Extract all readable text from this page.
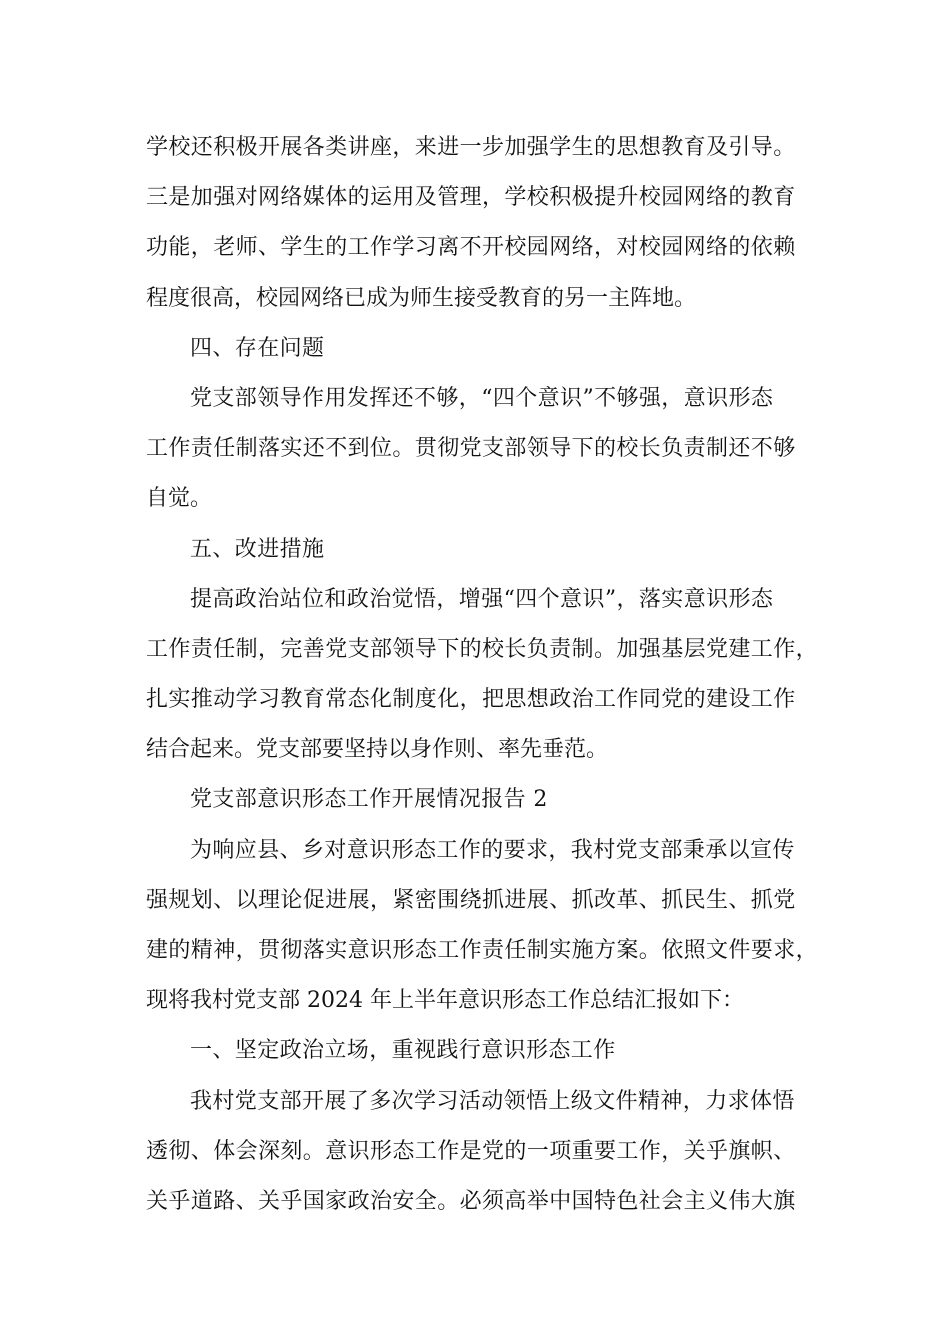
学校还积极开展各类讲座，来进一步加强学生的思想教育及引导。
三是加强对网络媒体的运用及管理，学校积极提升校园网络的教育
功能，老师、学生的工作学习离不开校园网络，对校园网络的依赖
程度很高，校园网络已成为师生接受教育的另一主阵地。
四、存在问题
党支部领导作用发挥还不够，“四个意识”不够强，意识形态
工作责任制落实还不到位。贯彻党支部领导下的校长负责制还不够
自觉。
五、改进措施
提高政治站位和政治觉悟，增强“四个意识”，落实意识形态
工作责任制，完善党支部领导下的校长负责制。加强基层党建工作，
扎实推动学习教育常态化制度化，把思想政治工作同党的建设工作
结合起来。党支部要坚持以身作则、率先垂范。
党支部意识形态工作开展情况报告 2
为响应县、乡对意识形态工作的要求，我村党支部秉承以宣传
强规划、以理论促进展，紧密围绕抓进展、抓改革、抓民生、抓党
建的精神，贯彻落实意识形态工作责任制实施方案。依照文件要求，
现将我村党支部 2024 年上半年意识形态工作总结汇报如下：
一、坚定政治立场，重视践行意识形态工作
我村党支部开展了多次学习活动领悟上级文件精神，力求体悟
透彻、体会深刻。意识形态工作是党的一项重要工作，关乎旗帜、
关乎道路、关乎国家政治安全。必须高举中国特色社会主义伟大旗
